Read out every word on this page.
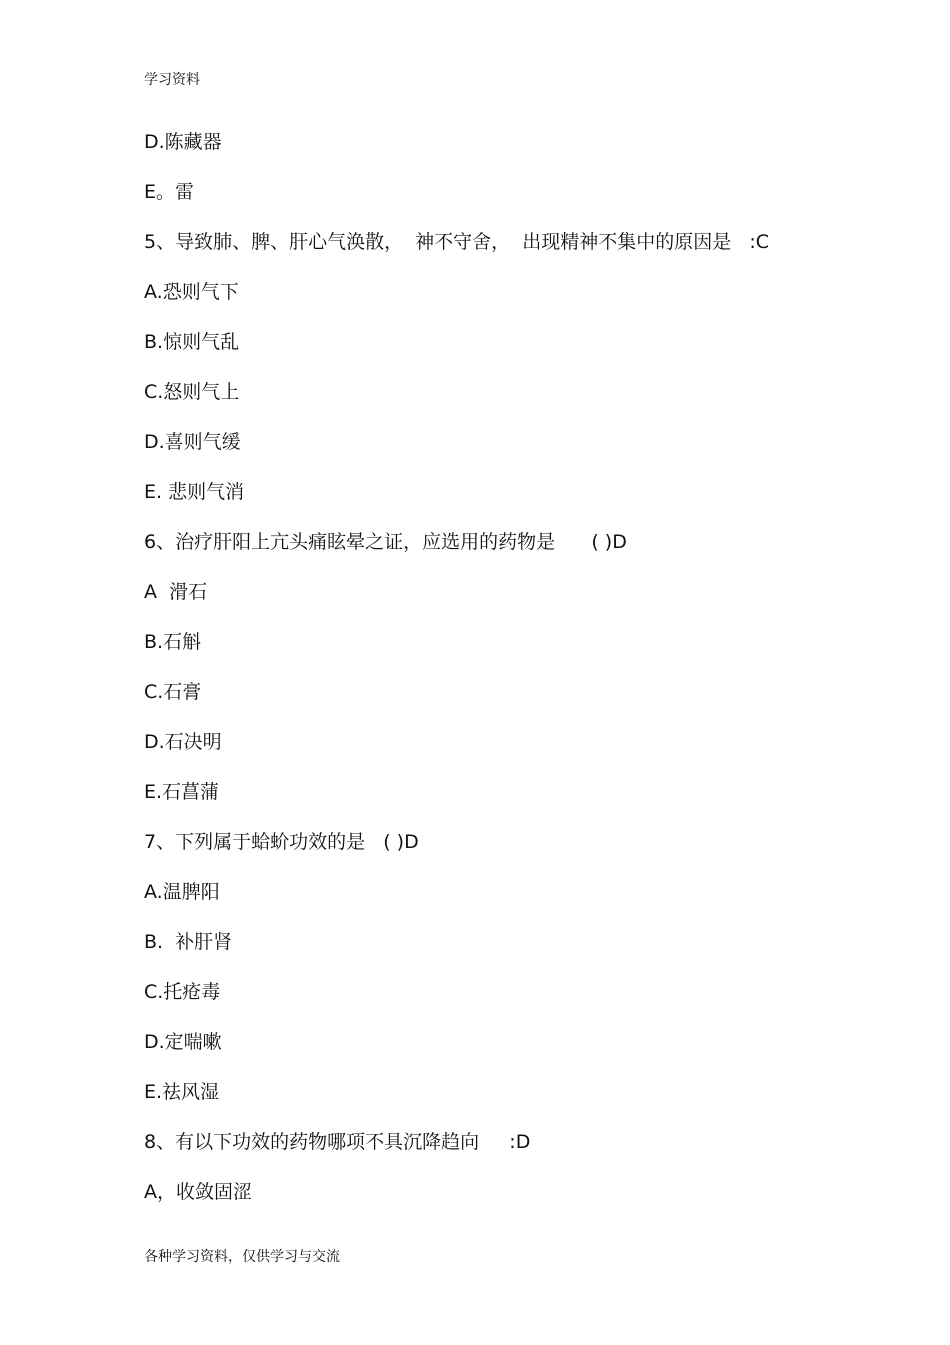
学习资料
D.陈藏器
E。雷
5、导致肺、脾、肝心气涣散，  神不守舍，  出现精神不集中的原因是   :C
A.恐则气下
B.惊则气乱
C.怒则气上
D.喜则气缓
E. 悲则气消
6、治疗肝阳上亢头痛眩晕之证，应选用的药物是      ( )D
A  滑石
B.石斛
C.石膏
D.石决明
E.石菖蒲
7、下列属于蛤蚧功效的是   ( )D
A.温脾阳
B.  补肝肾
C.托疮毒
D.定喘嗽
E.祛风湿
8、有以下功效的药物哪项不具沉降趋向     :D
A，收敛固涩
各种学习资料，仅供学习与交流
